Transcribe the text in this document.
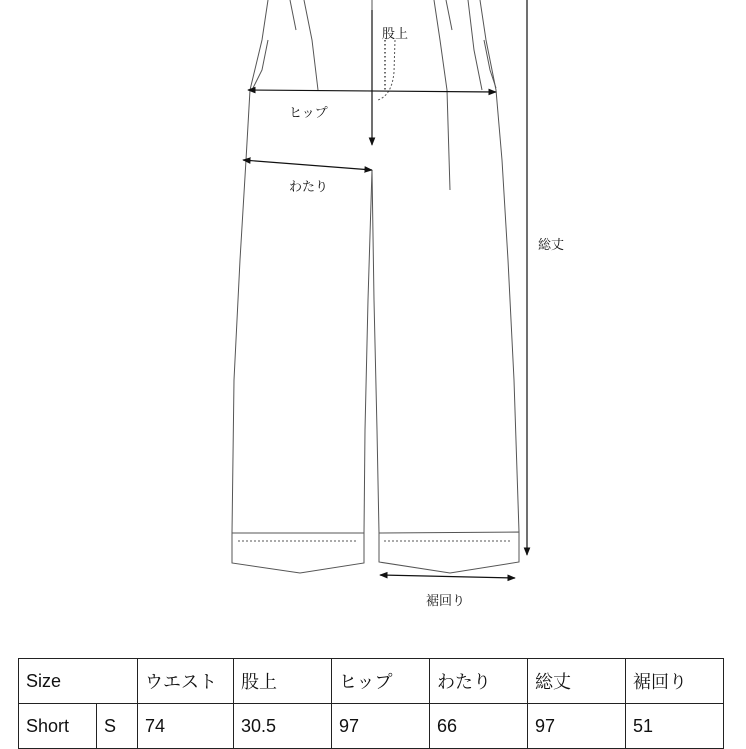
股上
ヒップ
わたり
総丈
裾回り
Size		ウエスト	股上	ヒップ	わたり	総丈	裾回り
Short	S	74	30.5	97	66	97	51
